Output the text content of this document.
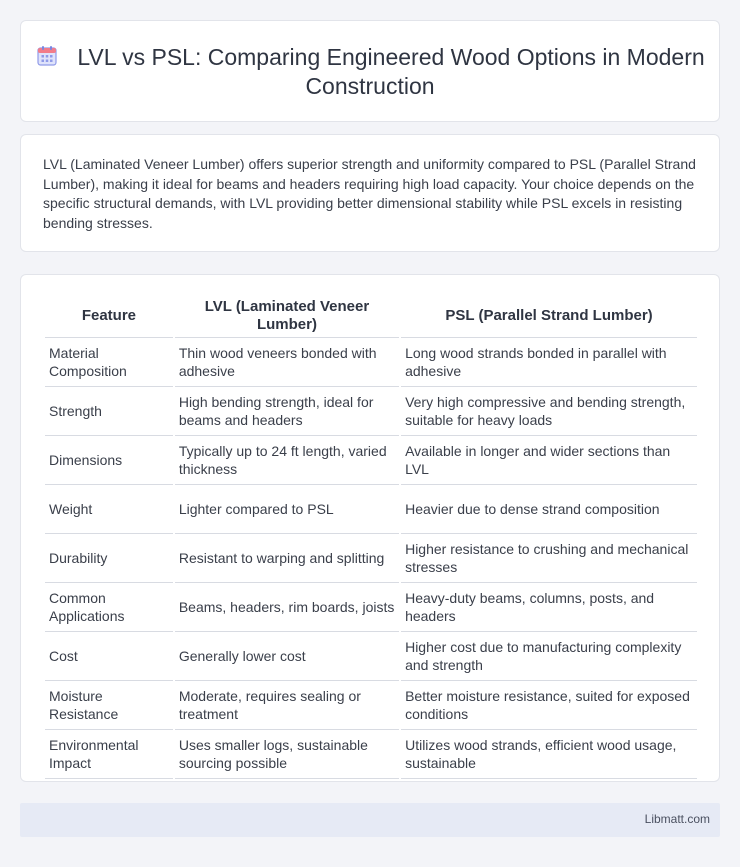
LVL vs PSL: Comparing Engineered Wood Options in Modern Construction

LVL (Laminated Veneer Lumber) offers superior strength and uniformity compared to PSL (Parallel Strand Lumber), making it ideal for beams and headers requiring high load capacity. Your choice depends on the specific structural demands, with LVL providing better dimensional stability while PSL excels in resisting bending stresses.

Feature	LVL (Laminated Veneer Lumber)	PSL (Parallel Strand Lumber)
Material Composition	Thin wood veneers bonded with adhesive	Long wood strands bonded in parallel with adhesive
Strength	High bending strength, ideal for beams and headers	Very high compressive and bending strength, suitable for heavy loads
Dimensions	Typically up to 24 ft length, varied thickness	Available in longer and wider sections than LVL
Weight	Lighter compared to PSL	Heavier due to dense strand composition
Durability	Resistant to warping and splitting	Higher resistance to crushing and mechanical stresses
Common Applications	Beams, headers, rim boards, joists	Heavy-duty beams, columns, posts, and headers
Cost	Generally lower cost	Higher cost due to manufacturing complexity and strength
Moisture Resistance	Moderate, requires sealing or treatment	Better moisture resistance, suited for exposed conditions
Environmental Impact	Uses smaller logs, sustainable sourcing possible	Utilizes wood strands, efficient wood usage, sustainable
Libmatt.com
